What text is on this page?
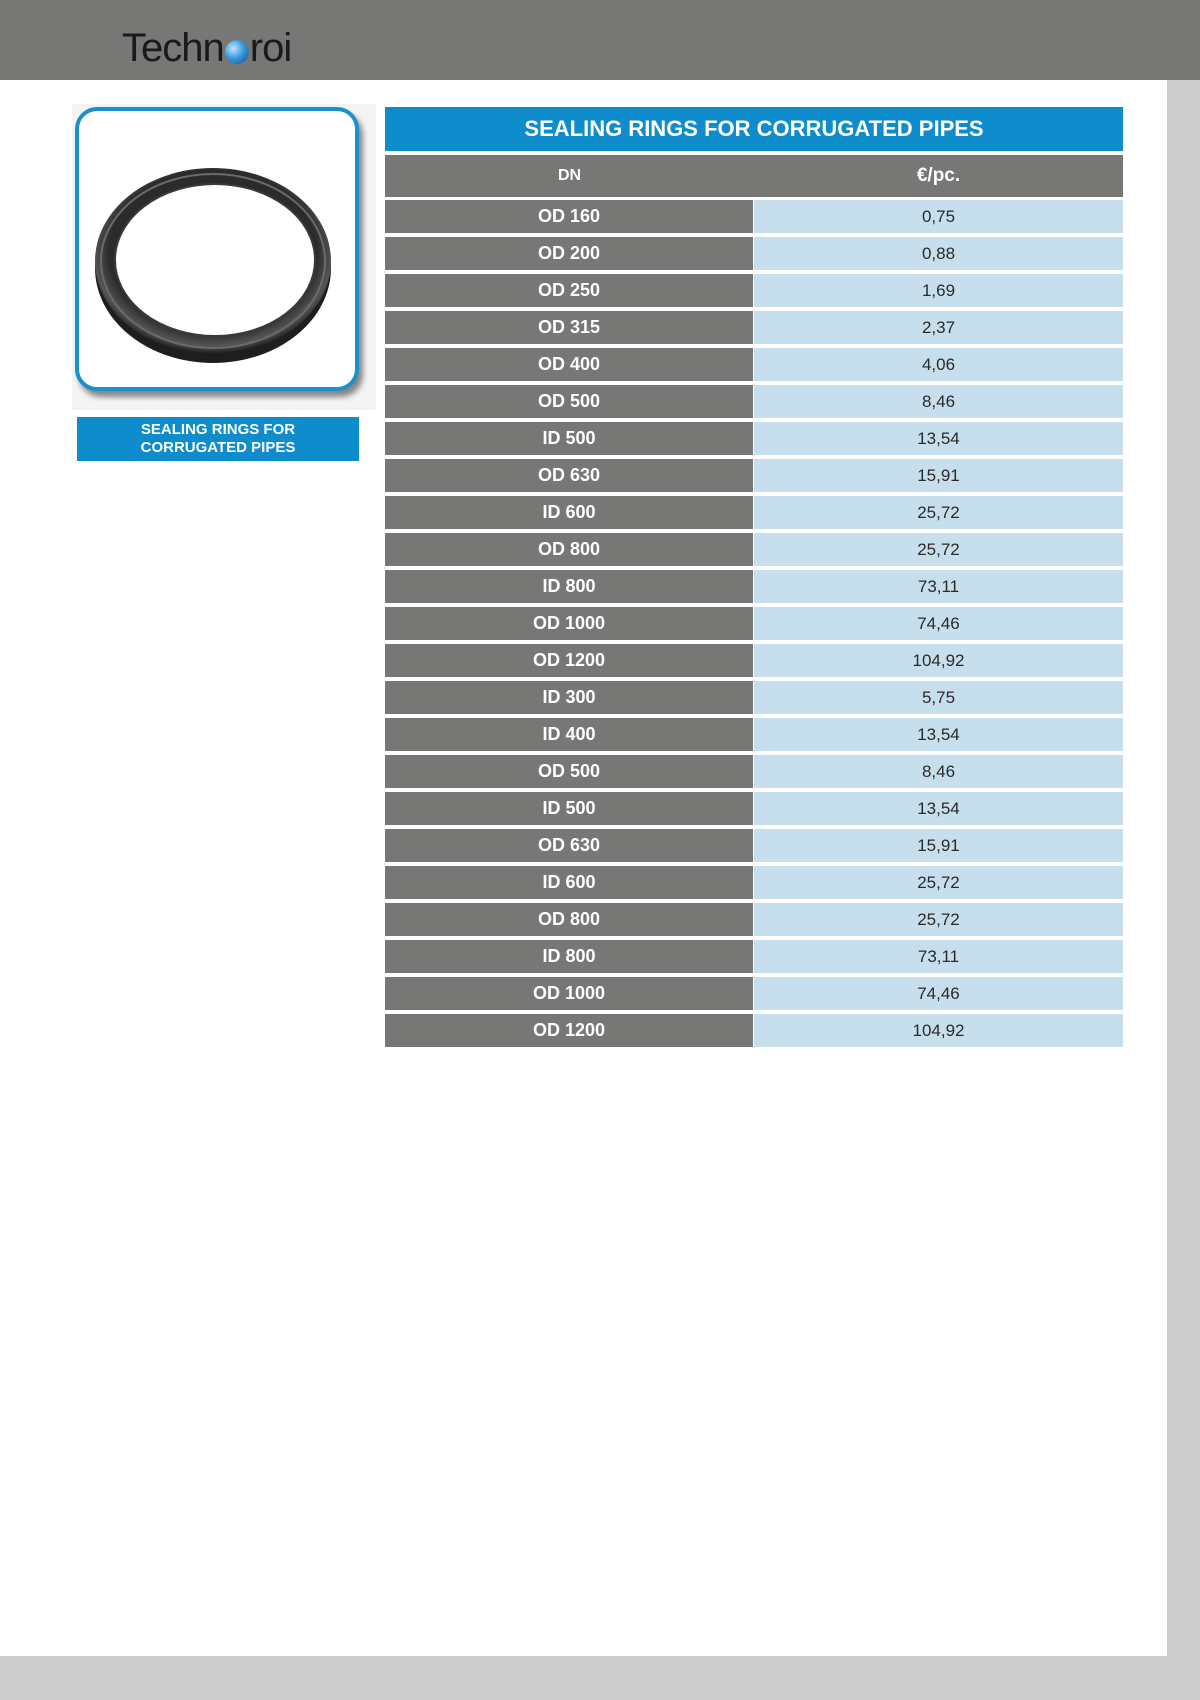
Techn roi
SEALING RINGS FOR
CORRUGATED PIPES
SEALING RINGS FOR CORRUGATED PIPES
DN	€/pc.
OD 160	0,75
OD 200	0,88
OD 250	1,69
OD 315	2,37
OD 400	4,06
OD 500	8,46
ID 500	13,54
OD 630	15,91
ID 600	25,72
OD 800	25,72
ID 800	73,11
OD 1000	74,46
OD 1200	104,92
ID 300	5,75
ID 400	13,54
OD 500	8,46
ID 500	13,54
OD 630	15,91
ID 600	25,72
OD 800	25,72
ID 800	73,11
OD 1000	74,46
OD 1200	104,92
